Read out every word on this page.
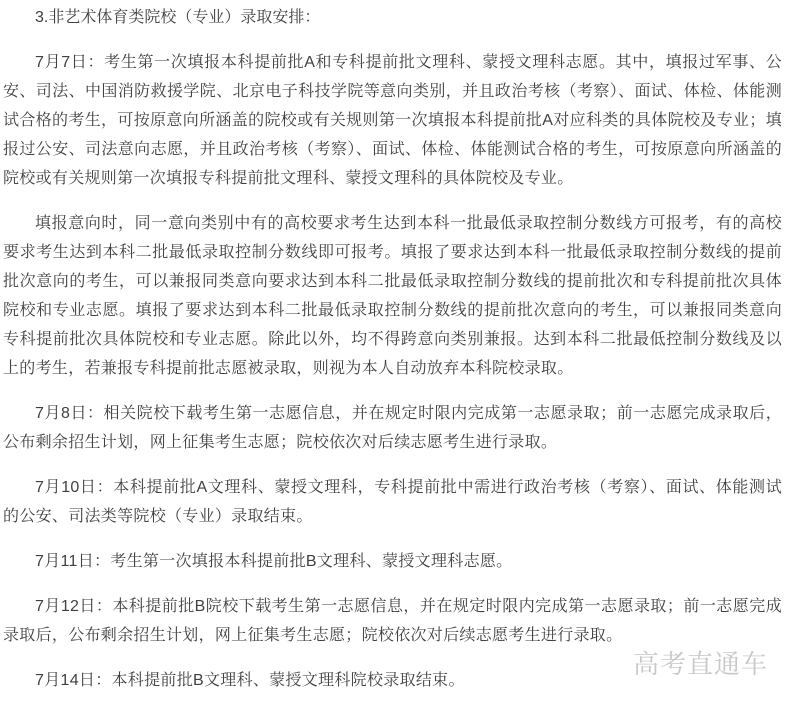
3.非艺术体育类院校（专业）录取安排：

7月7日：考生第一次填报本科提前批A和专科提前批文理科、蒙授文理科志愿。其中，填报过军事、公安、司法、中国消防救援学院、北京电子科技学院等意向类别，并且政治考核（考察）、面试、体检、体能测试合格的考生，可按原意向所涵盖的院校或有关规则第一次填报本科提前批A对应科类的具体院校及专业；填报过公安、司法意向志愿，并且政治考核（考察）、面试、体检、体能测试合格的考生，可按原意向所涵盖的院校或有关规则第一次填报专科提前批文理科、蒙授文理科的具体院校及专业。

填报意向时，同一意向类别中有的高校要求考生达到本科一批最低录取控制分数线方可报考，有的高校要求考生达到本科二批最低录取控制分数线即可报考。填报了要求达到本科一批最低录取控制分数线的提前批次意向的考生，可以兼报同类意向要求达到本科二批最低录取控制分数线的提前批次和专科提前批次具体院校和专业志愿。填报了要求达到本科二批最低录取控制分数线的提前批次意向的考生，可以兼报同类意向专科提前批次具体院校和专业志愿。除此以外，均不得跨意向类别兼报。达到本科二批最低控制分数线及以上的考生，若兼报专科提前批志愿被录取，则视为本人自动放弃本科院校录取。

7月8日：相关院校下载考生第一志愿信息，并在规定时限内完成第一志愿录取；前一志愿完成录取后，公布剩余招生计划，网上征集考生志愿；院校依次对后续志愿考生进行录取。

7月10日：本科提前批A文理科、蒙授文理科，专科提前批中需进行政治考核（考察）、面试、体能测试的公安、司法类等院校（专业）录取结束。

7月11日：考生第一次填报本科提前批B文理科、蒙授文理科志愿。

7月12日：本科提前批B院校下载考生第一志愿信息，并在规定时限内完成第一志愿录取；前一志愿完成录取后，公布剩余招生计划，网上征集考生志愿；院校依次对后续志愿考生进行录取。

7月14日：本科提前批B文理科、蒙授文理科院校录取结束。

高考直通车
